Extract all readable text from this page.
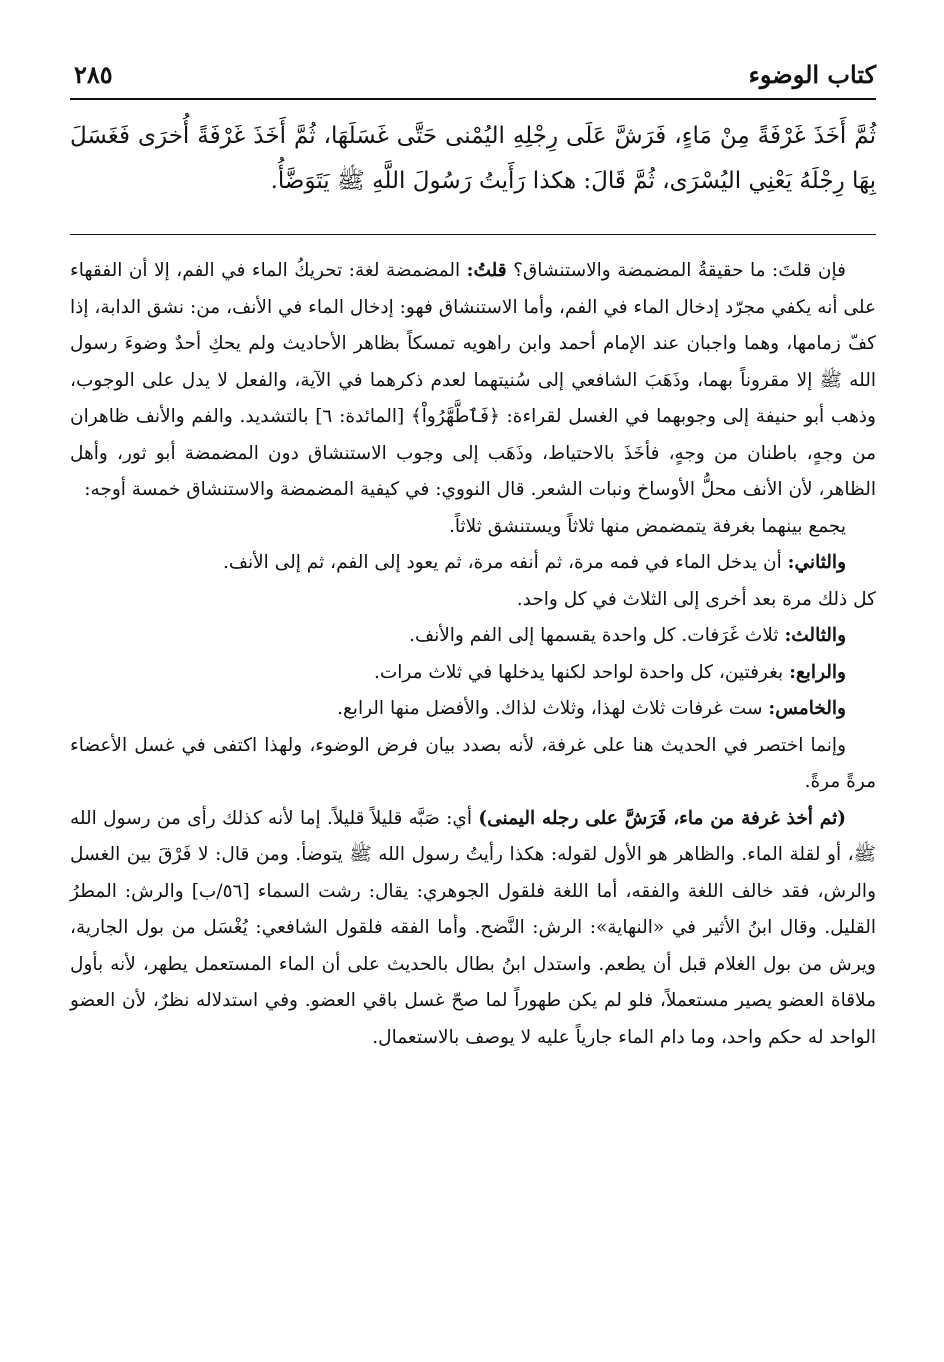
كتاب الوضوء
٢٨٥
ثُمَّ أَخَذَ غَرْفَةً مِنْ مَاءٍ، فَرَشَّ عَلَى رِجْلِهِ اليُمْنى حَتَّى غَسَلَهَا، ثُمَّ أَخَذَ غَرْفَةً أُخرَى فَغَسَلَ بِهَا رِجْلَهُ يَعْنِي اليُسْرَى، ثُمَّ قَالَ: هكذا رَأَيتُ رَسُولَ اللَّهِ ﷺ يَتَوَضَّأُ.

فإن قلتَ: ما حقيقةُ المضمضة والاستنشاق؟ قلتُ: المضمضة لغة: تحريكُ الماء في الفم، إلا أن الفقهاء على أنه يكفي مجرّد إدخال الماء في الفم، وأما الاستنشاق فهو: إدخال الماء في الأنف، من: نشق الدابة، إذا كفّ زمامها، وهما واجبان عند الإمام أحمد وابن راهويه تمسكاً بظاهر الأحاديث ولم يحكِ أحدٌ وضوءَ رسول الله ﷺ إلا مقروناً بهما، وذَهَبَ الشافعي إلى سُنيتهما لعدم ذكرهما في الآية، والفعل لا يدل على الوجوب، وذهب أبو حنيفة إلى وجوبهما في الغسل لقراءة: ﴿فَٱطَّهَّرُواْ﴾ [المائدة: ٦] بالتشديد. والفم والأنف ظاهران من وجهٍ، باطنان من وجهٍ، فأخَذَ بالاحتياط، وذَهَب إلى وجوب الاستنشاق دون المضمضة أبو ثور، وأهل الظاهر، لأن الأنف محلُّ الأوساخ ونبات الشعر. قال النووي: في كيفية المضمضة والاستنشاق خمسة أوجه:

يجمع بينهما بغرفة يتمضمض منها ثلاثاً ويستنشق ثلاثاً.

والثاني: أن يدخل الماء في فمه مرة، ثم أنفه مرة، ثم يعود إلى الفم، ثم إلى الأنف.

كل ذلك مرة بعد أخرى إلى الثلاث في كل واحد.

والثالث: ثلاث غَرَفات. كل واحدة يقسمها إلى الفم والأنف.

والرابع: بغرفتين، كل واحدة لواحد لكنها يدخلها في ثلاث مرات.

والخامس: ست غرفات ثلاث لهذا، وثلاث لذاك. والأفضل منها الرابع.

وإنما اختصر في الحديث هنا على غرفة، لأنه بصدد بيان فرض الوضوء، ولهذا اكتفى في غسل الأعضاء مرةً مرةً.

(ثم أخذ غرفة من ماء، فَرَشَّ على رجله اليمنى) أي: صَبَّه قليلاً قليلاً. إما لأنه كذلك رأى من رسول الله ﷺ، أو لقلة الماء. والظاهر هو الأول لقوله: هكذا رأيتُ رسول الله ﷺ يتوضأ. ومن قال: لا فَرْقَ بين الغسل والرش، فقد خالف اللغة والفقه، أما اللغة فلقول الجوهري: يقال: رشت السماء [٥٦/ب] والرش: المطرُ القليل. وقال ابنُ الأثير في «النهاية»: الرش: النَّضح. وأما الفقه فلقول الشافعي: يُغْسَل من بول الجارية، ويرش من بول الغلام قبل أن يطعم. واستدل ابنُ بطال بالحديث على أن الماء المستعمل يطهر، لأنه بأول ملاقاة العضو يصير مستعملاً، فلو لم يكن طهوراً لما صحّ غسل باقي العضو. وفي استدلاله نظرٌ، لأن العضو الواحد له حكم واحد، وما دام الماء جارياً عليه لا يوصف بالاستعمال.
